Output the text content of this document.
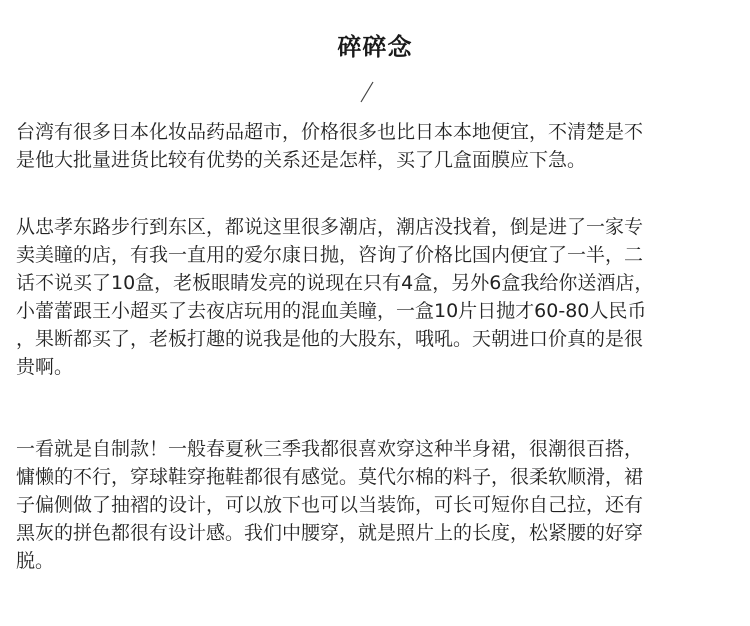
碎碎念
台湾有很多日本化妆品药品超市，价格很多也比日本本地便宜，不清楚是不
是他大批量进货比较有优势的关系还是怎样，买了几盒面膜应下急。
从忠孝东路步行到东区，都说这里很多潮店，潮店没找着，倒是进了一家专
卖美瞳的店，有我一直用的爱尔康日抛，咨询了价格比国内便宜了一半，二
话不说买了10盒，老板眼睛发亮的说现在只有4盒，另外6盒我给你送酒店，
小蕾蕾跟王小超买了去夜店玩用的混血美瞳，一盒10片日抛才60-80人民币
，果断都买了，老板打趣的说我是他的大股东，哦吼。天朝进口价真的是很
贵啊。
一看就是自制款！一般春夏秋三季我都很喜欢穿这种半身裙，很潮很百搭，
慵懒的不行，穿球鞋穿拖鞋都很有感觉。莫代尔棉的料子，很柔软顺滑，裙
子偏侧做了抽褶的设计，可以放下也可以当装饰，可长可短你自己拉，还有
黑灰的拼色都很有设计感。我们中腰穿，就是照片上的长度，松紧腰的好穿
脱。
